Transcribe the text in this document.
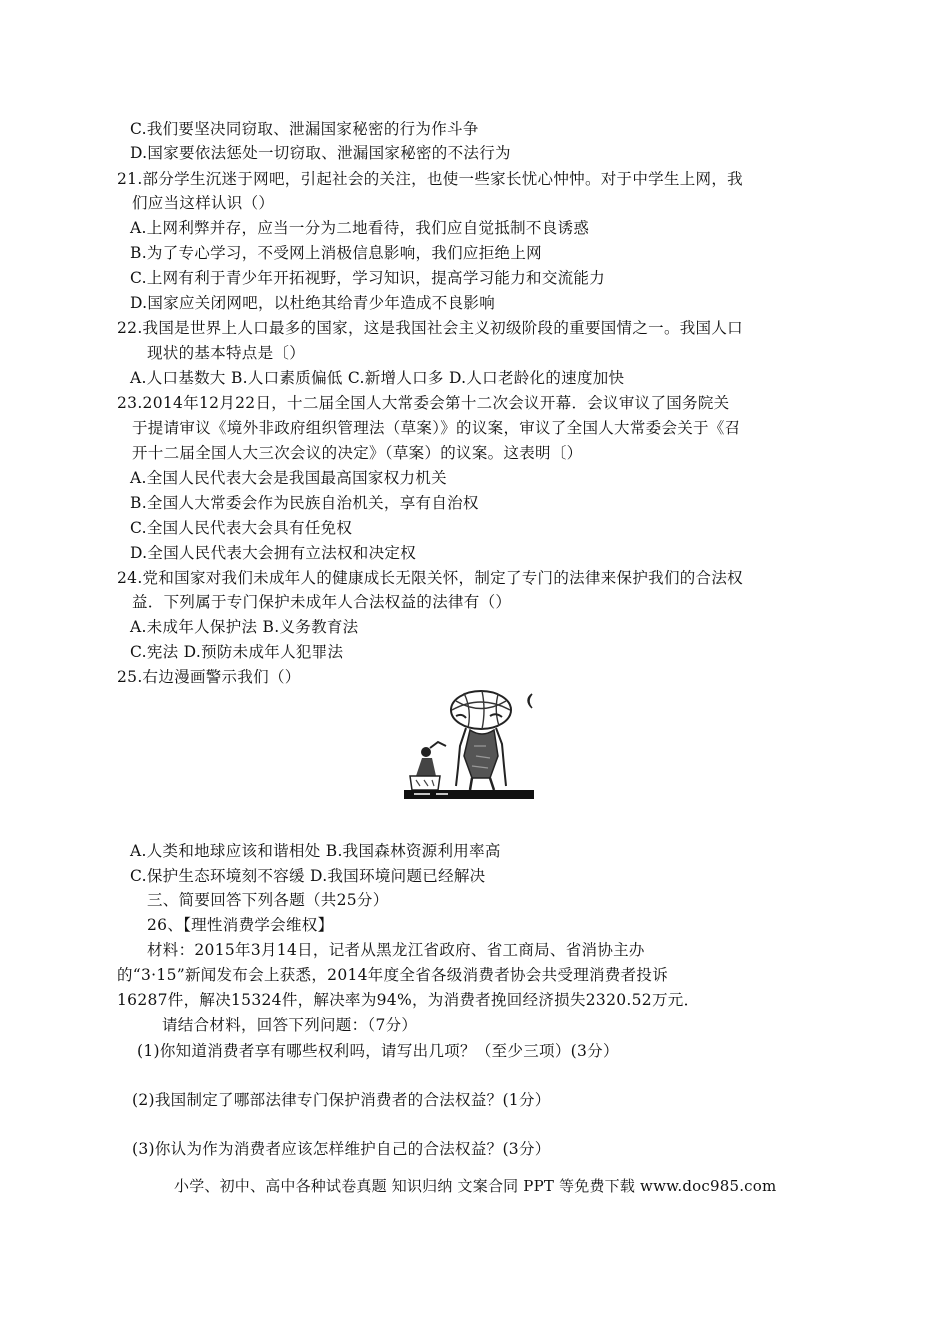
C.我们要坚决同窃取、泄漏国家秘密的行为作斗争
D.国家要依法惩处一切窃取、泄漏国家秘密的不法行为
21.部分学生沉迷于网吧，引起社会的关注，也使一些家长忧心忡忡。对于中学生上网，我
们应当这样认识（）
A.上网利弊并存，应当一分为二地看待，我们应自觉抵制不良诱惑
B.为了专心学习，不受网上消极信息影响，我们应拒绝上网
C.上网有利于青少年开拓视野，学习知识，提高学习能力和交流能力
D.国家应关闭网吧，以杜绝其给青少年造成不良影响
22.我国是世界上人口最多的国家，这是我国社会主义初级阶段的重要国情之一。我国人口
现状的基本特点是〔）
A.人口基数大 B.人口素质偏低 C.新增人口多 D.人口老龄化的速度加快
23.2014年12月22日，十二届全国人大常委会第十二次会议开幕．会议审议了国务院关
于提请审议《境外非政府组织管理法（草案）》的议案，审议了全国人大常委会关于《召
开十二届全国人大三次会议的决定》（草案）的议案。这表明〔）
A.全国人民代表大会是我国最高国家权力机关
B.全国人大常委会作为民族自治机关，享有自治权
C.全国人民代表大会具有任免权
D.全国人民代表大会拥有立法权和决定权
24.党和国家对我们未成年人的健康成长无限关怀，制定了专门的法律来保护我们的合法权
益．下列属于专门保护未成年人合法权益的法律有（）
A.未成年人保护法 B.义务教育法
C.宪法 D.预防未成年人犯罪法
25.右边漫画警示我们（）
A.人类和地球应该和谐相处 B.我国森林资源利用率高
C.保护生态环境刻不容缓 D.我国环境问题已经解决
三、简要回答下列各题（共25分）
26、【理性消费学会维权】
材料：2015年3月14日，记者从黑龙江省政府、省工商局、省消协主办
的“3·15”新闻发布会上获悉，2014年度全省各级消费者协会共受理消费者投诉
16287件，解决15324件，解决率为94%，为消费者挽回经济损失2320.52万元．
请结合材料，回答下列问题：（7分）
(1)你知道消费者享有哪些权利吗，请写出几项？（至少三项）(3分）
(2)我国制定了哪部法律专门保护消费者的合法权益？(1分）
(3)你认为作为消费者应该怎样维护自己的合法权益？(3分）
小学、初中、高中各种试卷真题 知识归纳 文案合同 PPT 等免费下载 www.doc985.com
